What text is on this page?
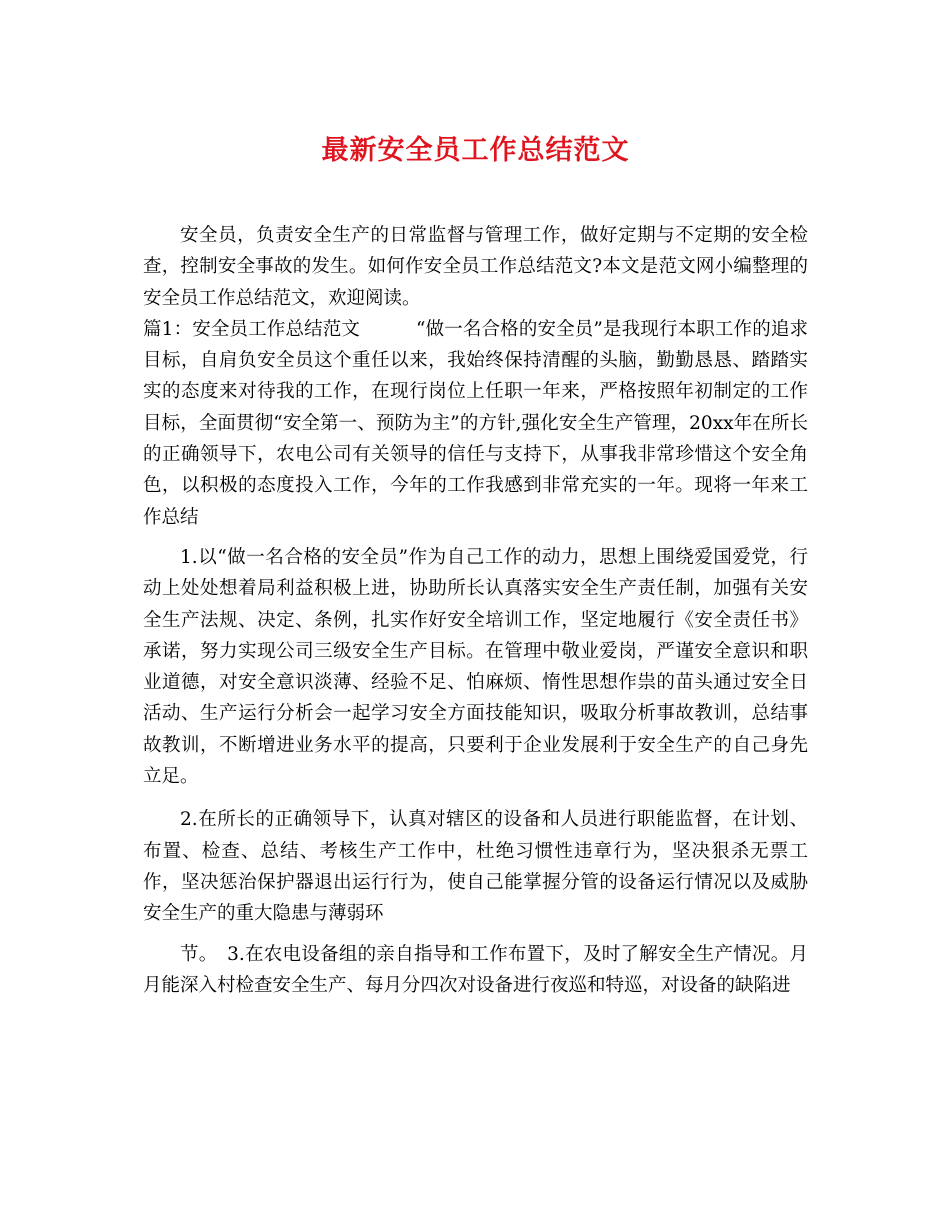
最新安全员工作总结范文

安全员，负责安全生产的日常监督与管理工作，做好定期与不定期的安全检查，控制安全事故的发生。如何作安全员工作总结范文?本文是范文网小编整理的安全员工作总结范文，欢迎阅读。

篇1：安全员工作总结范文　　　“做一名合格的安全员”是我现行本职工作的追求目标，自肩负安全员这个重任以来，我始终保持清醒的头脑，勤勤恳恳、踏踏实实的态度来对待我的工作，在现行岗位上任职一年来，严格按照年初制定的工作目标，全面贯彻“安全第一、预防为主”的方针,强化安全生产管理，20xx年在所长的正确领导下，农电公司有关领导的信任与支持下，从事我非常珍惜这个安全角色，以积极的态度投入工作，今年的工作我感到非常充实的一年。现将一年来工作总结

1.以“做一名合格的安全员”作为自己工作的动力，思想上围绕爱国爱党，行动上处处想着局利益积极上进，协助所长认真落实安全生产责任制，加强有关安全生产法规、决定、条例，扎实作好安全培训工作，坚定地履行《安全责任书》承诺，努力实现公司三级安全生产目标。在管理中敬业爱岗，严谨安全意识和职业道德，对安全意识淡薄、经验不足、怕麻烦、惰性思想作祟的苗头通过安全日活动、生产运行分析会一起学习安全方面技能知识，吸取分析事故教训，总结事故教训，不断增进业务水平的提高，只要利于企业发展利于安全生产的自己身先立足。

2.在所长的正确领导下，认真对辖区的设备和人员进行职能监督，在计划、布置、检查、总结、考核生产工作中，杜绝习惯性违章行为，坚决狠杀无票工作，坚决惩治保护器退出运行行为，使自己能掌握分管的设备运行情况以及威胁安全生产的重大隐患与薄弱环

节。　3.在农电设备组的亲自指导和工作布置下，及时了解安全生产情况。月月能深入村检查安全生产、每月分四次对设备进行夜巡和特巡，对设备的缺陷进
